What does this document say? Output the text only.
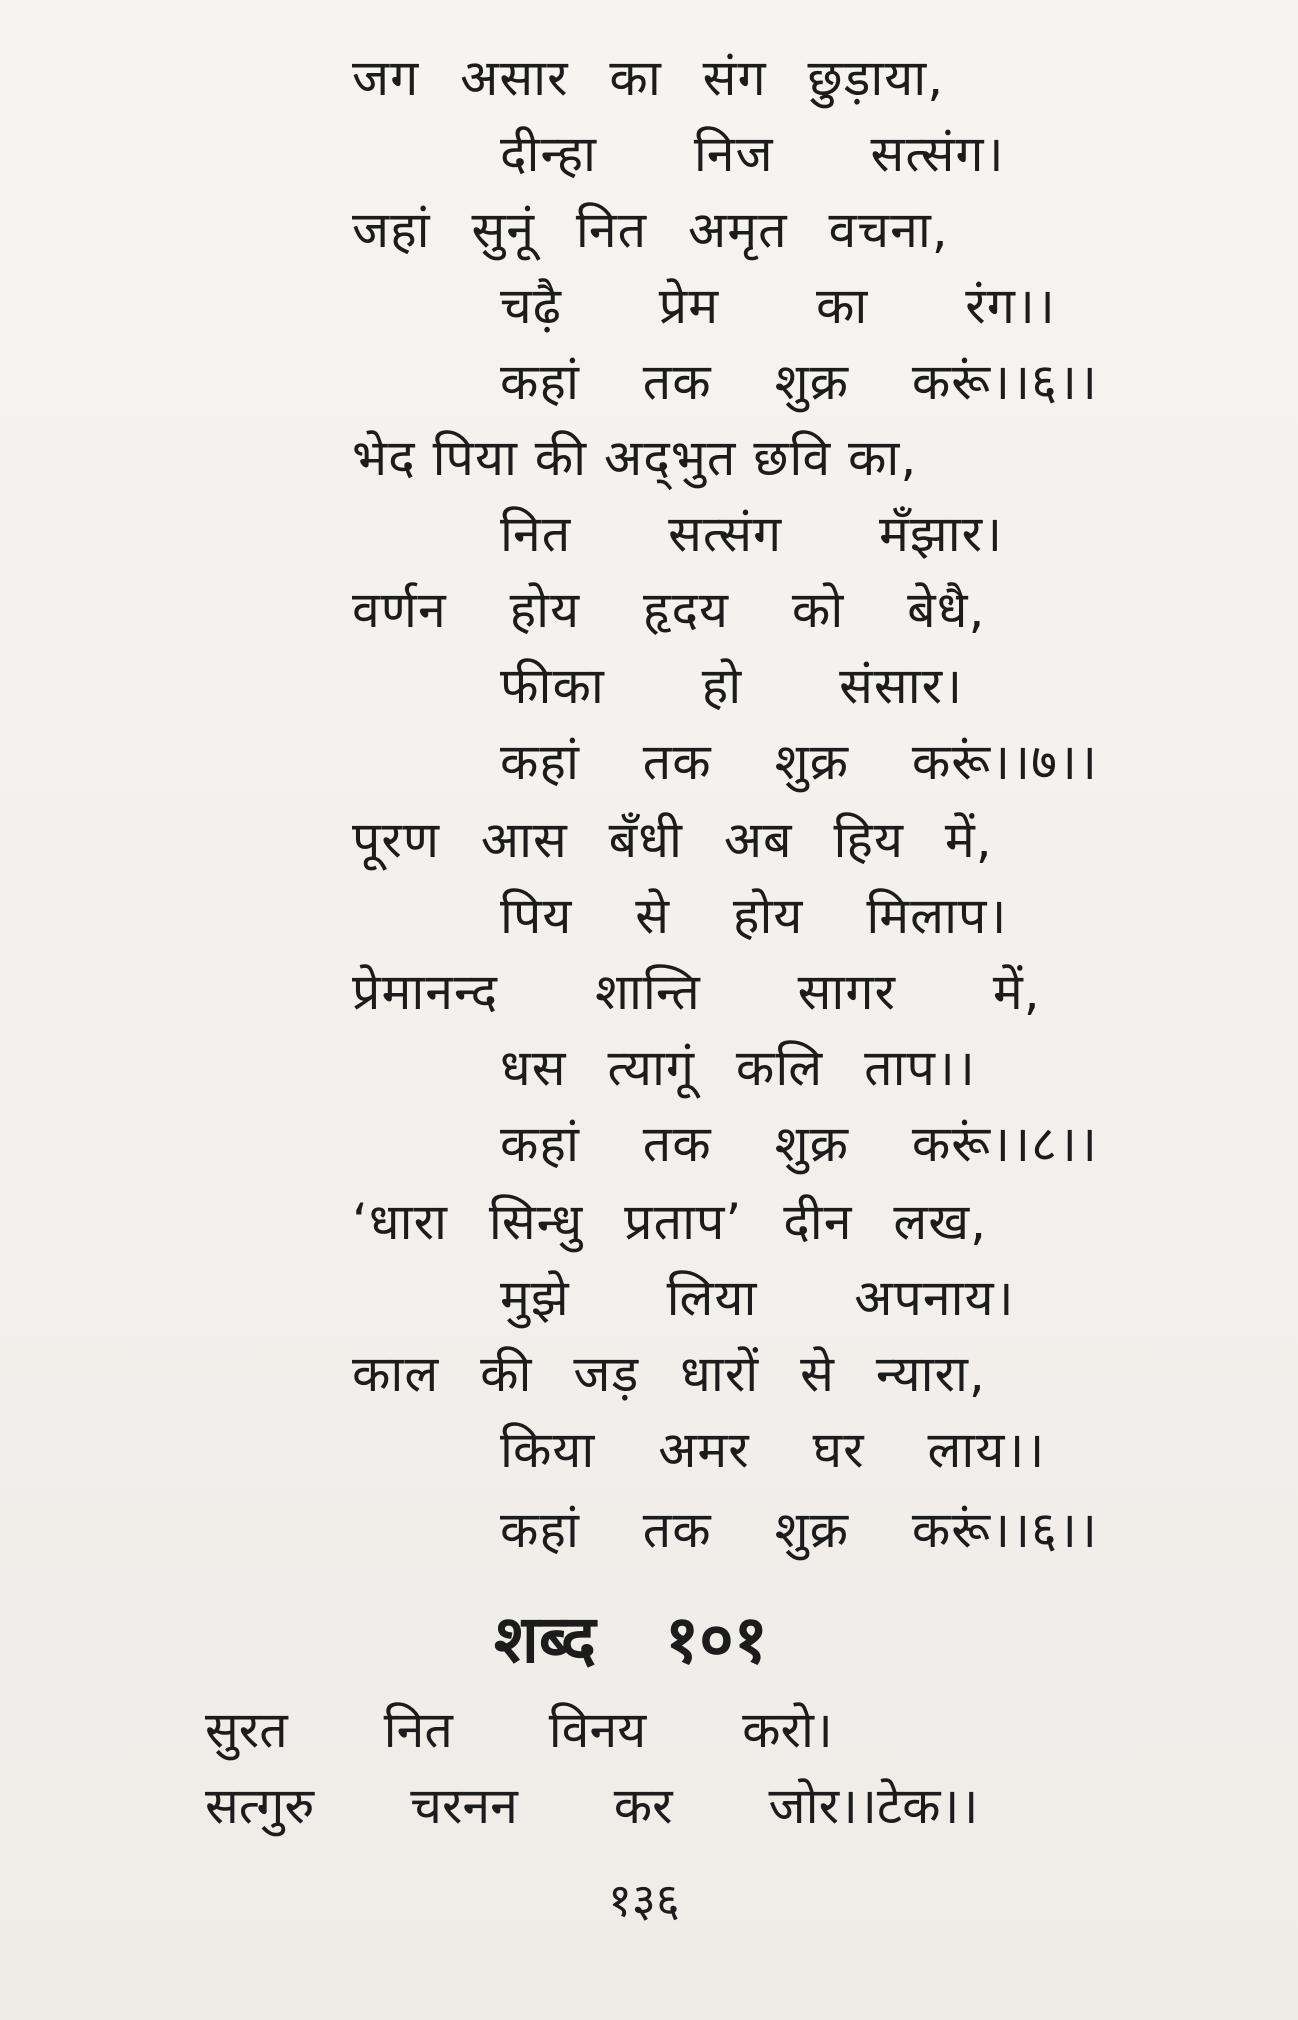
जग असार का संग छुड़ाया,
दीन्हा निज सत्संग।
जहां सुनूं नित अमृत वचना,
चढ़ै प्रेम का रंग।।
कहां तक शुक्र करूं।।६।।
भेद पिया की अद्‌भुत छवि का,
नित सत्संग मँझार।
वर्णन होय हृदय को बेधै,
फीका हो संसार।
कहां तक शुक्र करूं।।७।।
पूरण आस बँधी अब हिय में,
पिय से होय मिलाप।
प्रेमानन्द शान्ति सागर में,
धस त्यागूं कलि ताप।।
कहां तक शुक्र करूं।।८।।
‘धारा सिन्धु प्रताप’ दीन लख,
मुझे लिया अपनाय।
काल की जड़ धारों से न्यारा,
किया अमर घर लाय।।
कहां तक शुक्र करूं।।६।।
शब्द १०१
सुरत नित विनय करो।
सत्गुरु चरनन कर जोर।।टेक।।
१३६
